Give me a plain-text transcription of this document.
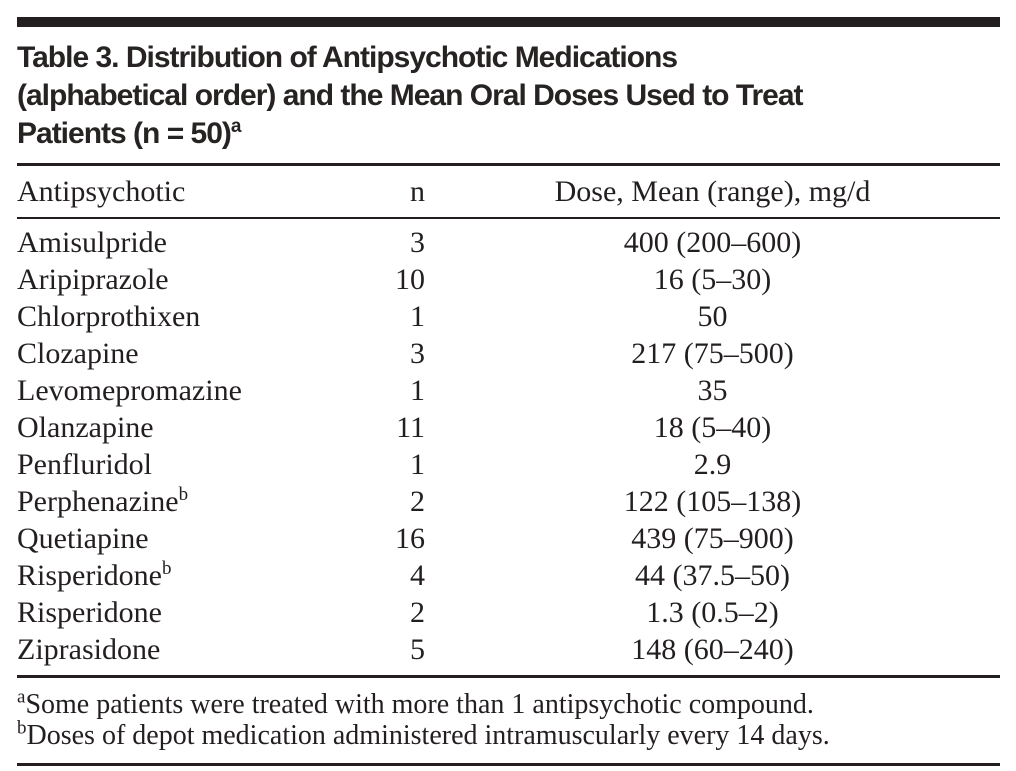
Table 3. Distribution of Antipsychotic Medications
(alphabetical order) and the Mean Oral Doses Used to Treat
Patients (n = 50)$^a$
Antipsychotic	n	Dose, Mean (range), mg/d
Amisulpride	3	400 (200–600)
Aripiprazole	10	16 (5–30)
Chlorprothixen	1	50
Clozapine	3	217 (75–500)
Levomepromazine	1	35
Olanzapine	11	18 (5–40)
Penfluridol	1	2.9
Perphenazine$^b$	2	122 (105–138)
Quetiapine	16	439 (75–900)
Risperidone$^b$	4	44 (37.5–50)
Risperidone	2	1.3 (0.5–2)
Ziprasidone	5	148 (60–240)
$^a$Some patients were treated with more than 1 antipsychotic compound.
$^b$Doses of depot medication administered intramuscularly every 14 days.
